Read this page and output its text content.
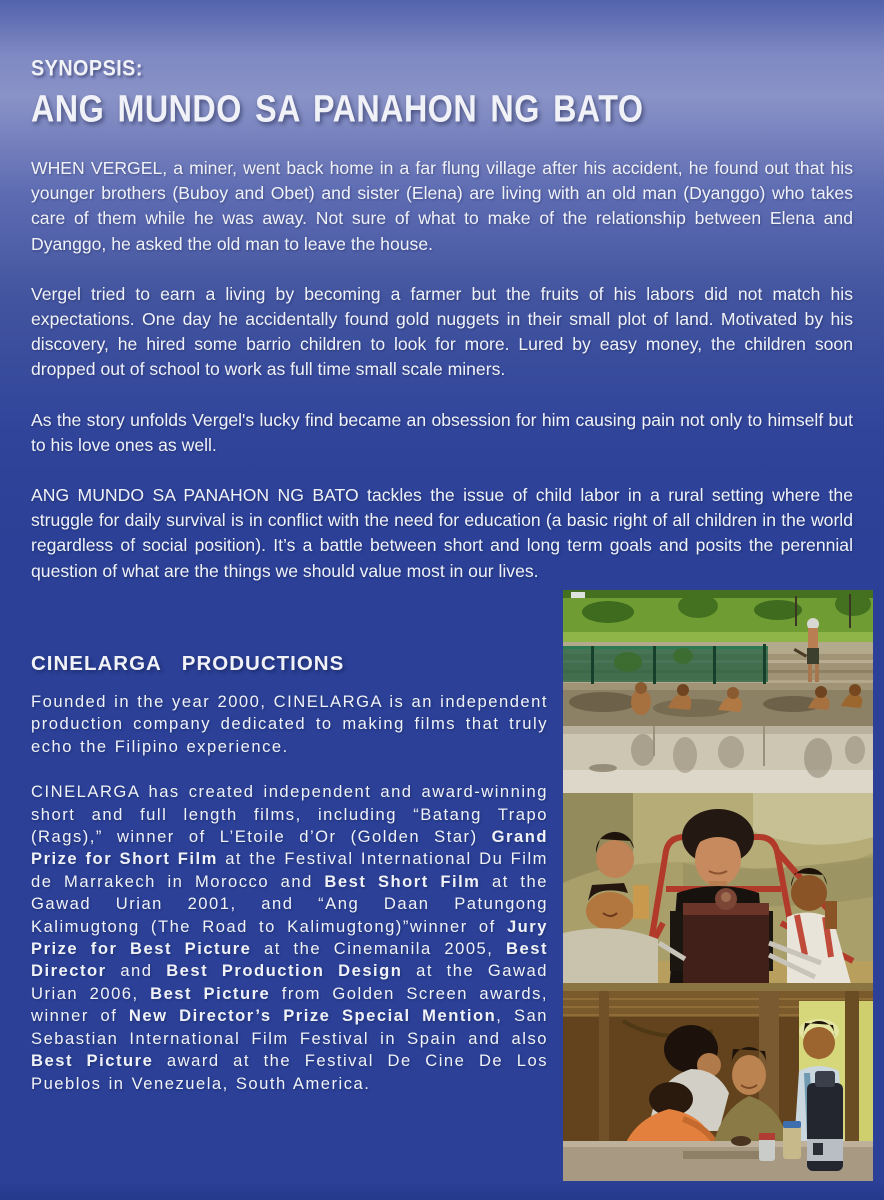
SYNOPSIS:
ANG MUNDO SA PANAHON NG BATO

WHEN VERGEL, a miner, went back home in a far flung village after his accident, he found out that his younger brothers (Buboy and Obet) and sister (Elena) are living with an old man (Dyanggo) who takes care of them while he was away. Not sure of what to make of the relationship between Elena and Dyanggo, he asked the old man to leave the house.

Vergel tried to earn a living by becoming a farmer but the fruits of his labors did not match his expectations. One day he accidentally found gold nuggets in their small plot of land. Motivated by his discovery, he hired some barrio children to look for more. Lured by easy money, the children soon dropped out of school to work as full time small scale miners.

As the story unfolds Vergel's lucky find became an obsession for him causing pain not only to himself but to his love ones as well.

ANG MUNDO SA PANAHON NG BATO tackles the issue of child labor in a rural setting where the struggle for daily survival is in conflict with the need for education (a basic right of all children in the world regardless of social position). It’s a battle between short and long term goals and posits the perennial question of what are the things we should value most in our lives.

CINELARGA PRODUCTIONS

Founded in the year 2000, CINELARGA is an independent production company dedicated to making films that truly echo the Filipino experience.

CINELARGA has created independent and award-winning short and full length films, including “Batang Trapo (Rags),” winner of L’Etoile d’Or (Golden Star) Grand Prize for Short Film at the Festival International Du Film de Marrakech in Morocco and Best Short Film at the Gawad Urian 2001, and “Ang Daan Patungong Kalimugtong (The Road to Kalimugtong)”winner of Jury Prize for Best Picture at the Cinemanila 2005, Best Director and Best Production Design at the Gawad Urian 2006, Best Picture from Golden Screen awards, winner of New Director’s Prize Special Mention, San Sebastian International Film Festival in Spain and also Best Picture award at the Festival De Cine De Los Pueblos in Venezuela, South America.
